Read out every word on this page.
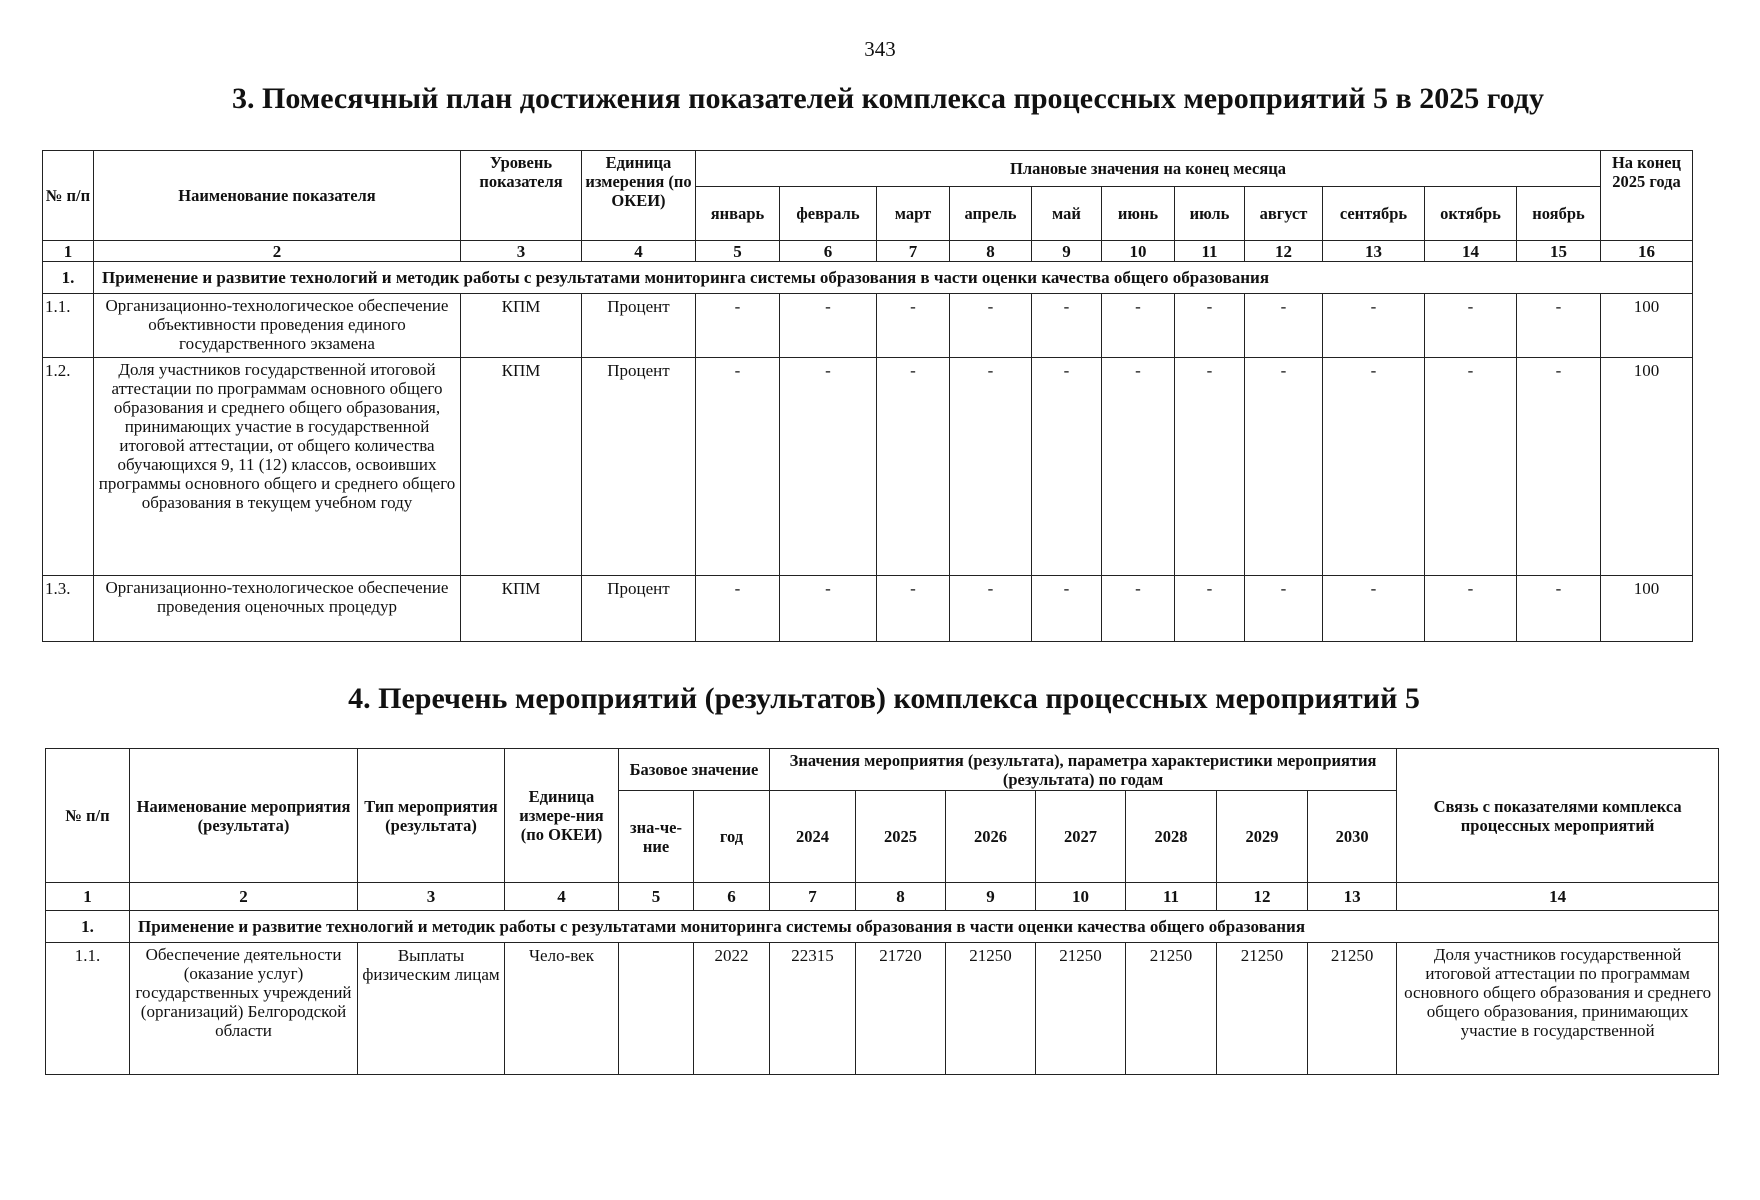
343
3. Помесячный план достижения показателей комплекса процессных мероприятий 5 в 2025 году
№ п/п	Наименование показателя	Уровень показателя	Единица измерения (по ОКЕИ)	Плановые значения на конец месяца											На конец 2025 года
				январь	февраль	март	апрель	май	июнь	июль	август	сентябрь	октябрь	ноябрь	
1	2	3	4	5	6	7	8	9	10	11	12	13	14	15	16
1.	Применение и развитие технологий и методик работы с результатами мониторинга системы образования в части оценки качества общего образования														
1.1.	Организационно-технологическое обеспечение объективности проведения единого государственного экзамена	КПМ	Процент	-	-	-	-	-	-	-	-	-	-	-	100
1.2.	Доля участников государственной итоговой аттестации по программам основного общего образования и среднего общего образования, принимающих участие в государственной итоговой аттестации, от общего количества обучающихся 9, 11 (12) классов, освоивших программы основного общего и среднего общего образования в текущем учебном году	КПМ	Процент	-	-	-	-	-	-	-	-	-	-	-	100
1.3.	Организационно-технологическое обеспечение проведения оценочных процедур	КПМ	Процент	-	-	-	-	-	-	-	-	-	-	-	100
4. Перечень мероприятий (результатов) комплекса процессных мероприятий 5
№ п/п	Наименование мероприятия (результата)	Тип мероприятия (результата)	Единица измере-ния (по ОКЕИ)	Базовое значение		Значения мероприятия (результата), параметра характеристики мероприятия (результата) по годам							Связь с показателями комплекса процессных мероприятий
				зна-че-ние	год	2024	2025	2026	2027	2028	2029	2030	
1	2	3	4	5	6	7	8	9	10	11	12	13	14
1.	Применение и развитие технологий и методик работы с результатами мониторинга системы образования в части оценки качества общего образования												
1.1.	Обеспечение деятельности (оказание услуг) государственных учреждений (организаций) Белгородской области	Выплаты физическим лицам	Чело-век		2022	22315	21720	21250	21250	21250	21250	21250	Доля участников государственной итоговой аттестации по программам основного общего образования и среднего общего образования, принимающих участие в государственной
